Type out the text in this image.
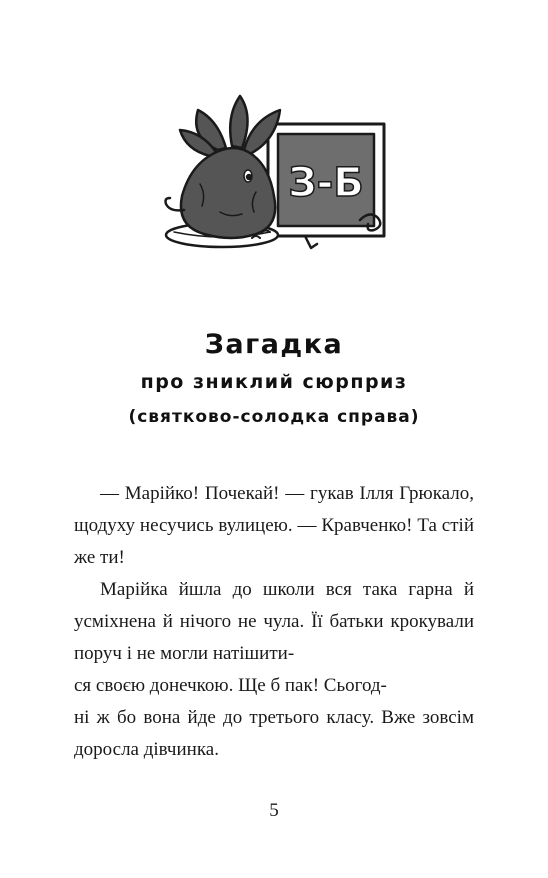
З-Б
Загадка
про зниклий сюрприз
(святково-солодка справа)

— Марійко! Почекай! — гукав Ілля Грюкало, щодуху несучись вулицею. — Кравченко! Та стій же ти!

Марійка йшла до школи вся така гарна й усміхнена й нічого не чула. Її батьки крокували поруч і не могли натішити-
ся своєю донечкою. Ще б пак! Сьогод-
ні ж бо вона йде до третього класу. Вже зовсім доросла дівчинка.

5
